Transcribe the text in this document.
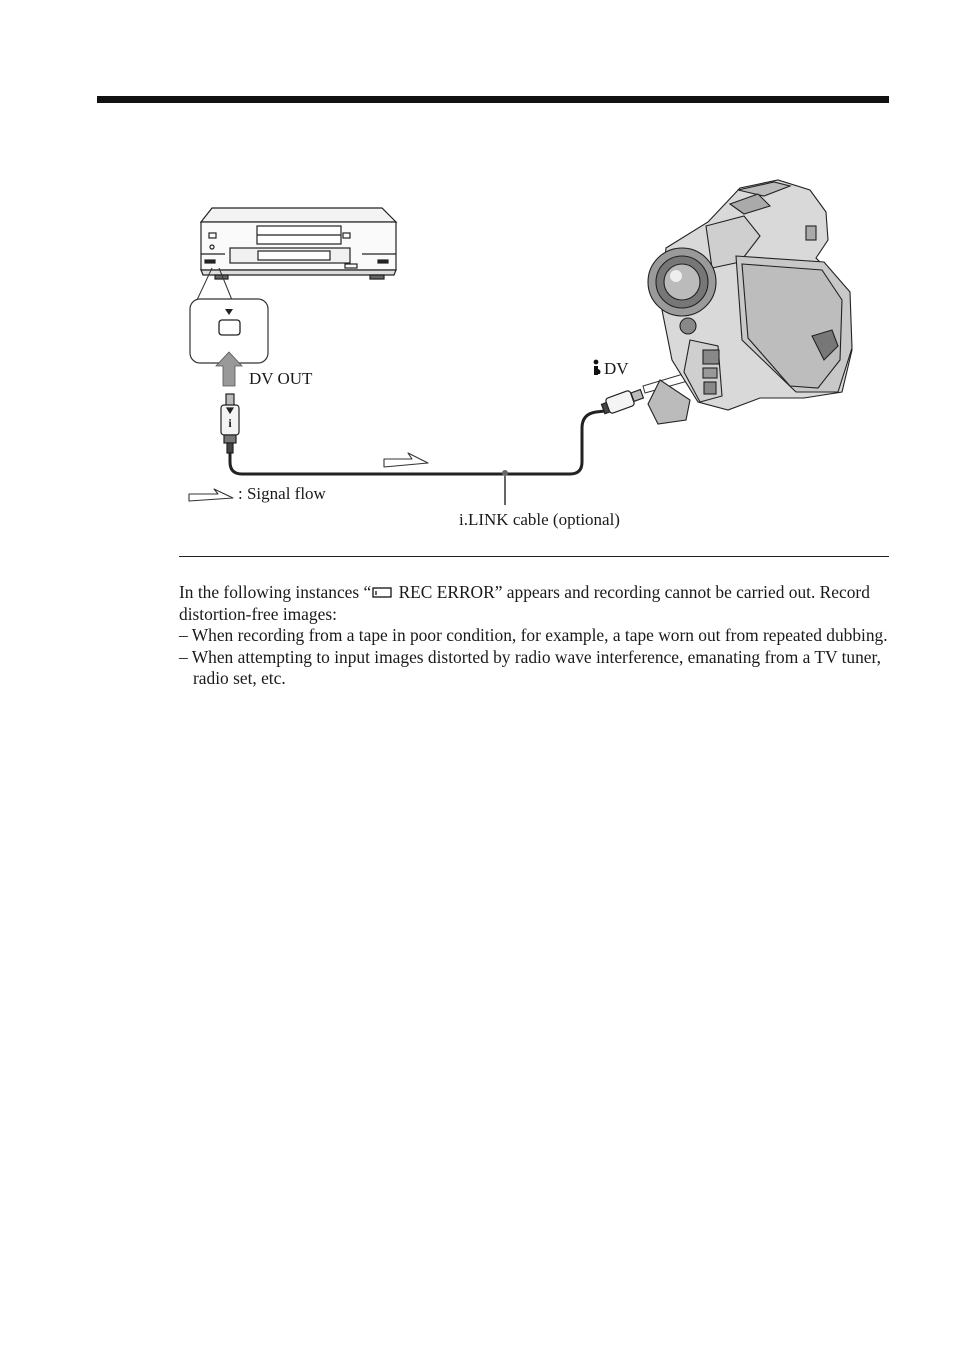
i
DV OUT
DV
: Signal flow
i.LINK cable (optional)

In the following instances “ REC ERROR” appears and recording cannot be carried out. Record distortion-free images:

– When recording from a tape in poor condition, for example, a tape worn out from repeated dubbing.

– When attempting to input images distorted by radio wave interference, emanating from a TV tuner, radio set, etc.
